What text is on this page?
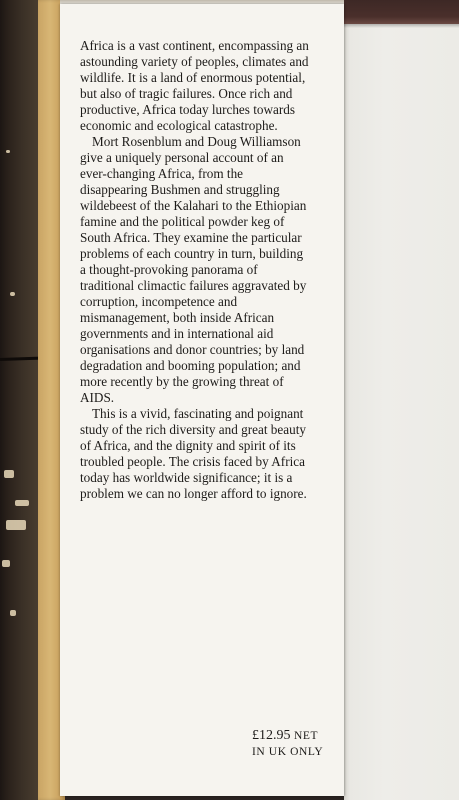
Africa is a vast continent, encompassing an
astounding variety of peoples, climates and
wildlife. It is a land of enormous potential,
but also of tragic failures. Once rich and
productive, Africa today lurches towards
economic and ecological catastrophe.

Mort Rosenblum and Doug Williamson
give a uniquely personal account of an
ever-changing Africa, from the
disappearing Bushmen and struggling
wildebeest of the Kalahari to the Ethiopian
famine and the political powder keg of
South Africa. They examine the particular
problems of each country in turn, building
a thought-provoking panorama of
traditional climactic failures aggravated by
corruption, incompetence and
mismanagement, both inside African
governments and in international aid
organisations and donor countries; by land
degradation and booming population; and
more recently by the growing threat of
AIDS.

This is a vivid, fascinating and poignant
study of the rich diversity and great beauty
of Africa, and the dignity and spirit of its
troubled people. The crisis faced by Africa
today has worldwide significance; it is a
problem we can no longer afford to ignore.

£12.95 NET
IN UK ONLY
